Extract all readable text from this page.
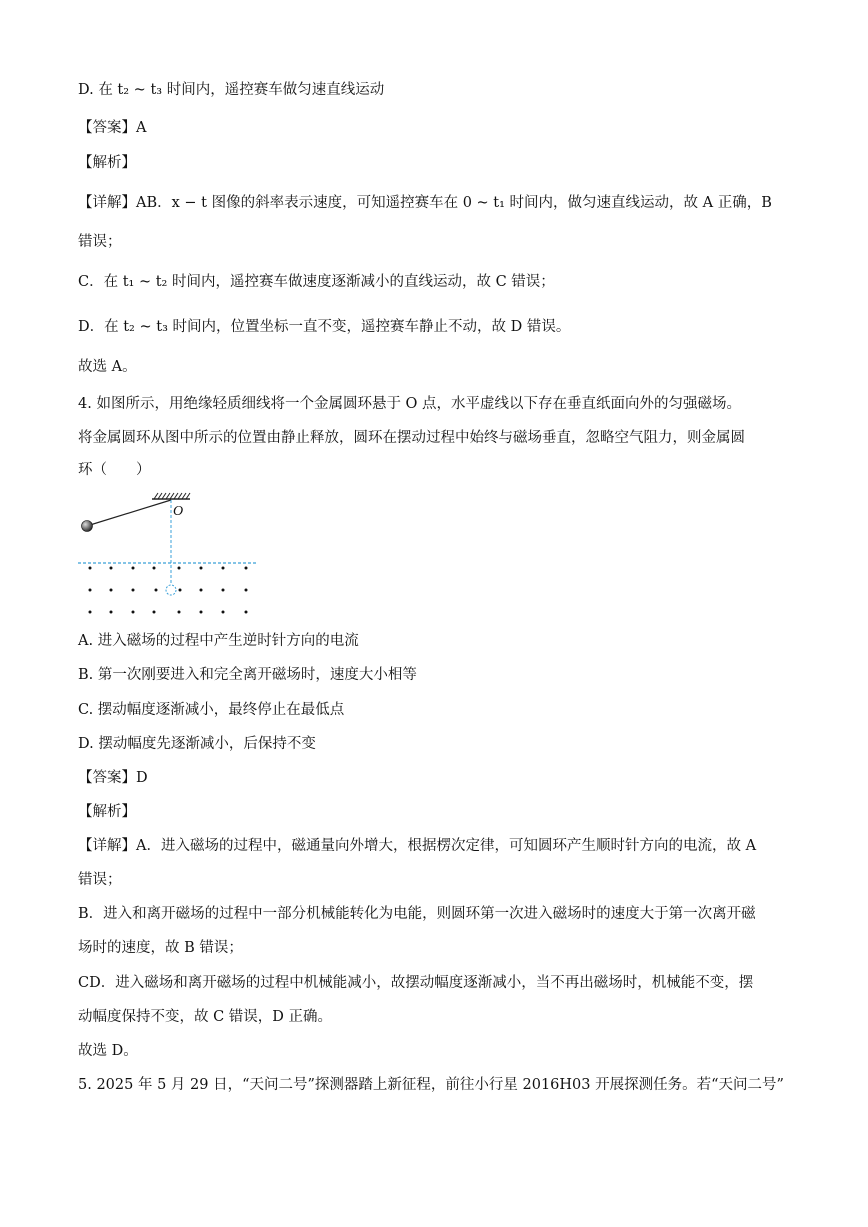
D. 在 t₂ ~ t₃ 时间内，遥控赛车做匀速直线运动
【答案】A
【解析】
【详解】AB．x − t 图像的斜率表示速度，可知遥控赛车在 0 ~ t₁ 时间内，做匀速直线运动，故 A 正确，B
错误；
C．在 t₁ ~ t₂ 时间内，遥控赛车做速度逐渐减小的直线运动，故 C 错误；
D．在 t₂ ~ t₃ 时间内，位置坐标一直不变，遥控赛车静止不动，故 D 错误。
故选 A。
4. 如图所示，用绝缘轻质细线将一个金属圆环悬于 O 点，水平虚线以下存在垂直纸面向外的匀强磁场。
将金属圆环从图中所示的位置由静止释放，圆环在摆动过程中始终与磁场垂直，忽略空气阻力，则金属圆
环（　　）
O
A. 进入磁场的过程中产生逆时针方向的电流
B. 第一次刚要进入和完全离开磁场时，速度大小相等
C. 摆动幅度逐渐减小，最终停止在最低点
D. 摆动幅度先逐渐减小，后保持不变
【答案】D
【解析】
【详解】A．进入磁场的过程中，磁通量向外增大，根据楞次定律，可知圆环产生顺时针方向的电流，故 A
错误；
B．进入和离开磁场的过程中一部分机械能转化为电能，则圆环第一次进入磁场时的速度大于第一次离开磁
场时的速度，故 B 错误；
CD．进入磁场和离开磁场的过程中机械能减小，故摆动幅度逐渐减小，当不再出磁场时，机械能不变，摆
动幅度保持不变，故 C 错误，D 正确。
故选 D。
5. 2025 年 5 月 29 日，“天问二号”探测器踏上新征程，前往小行星 2016H03 开展探测任务。若“天问二号”
